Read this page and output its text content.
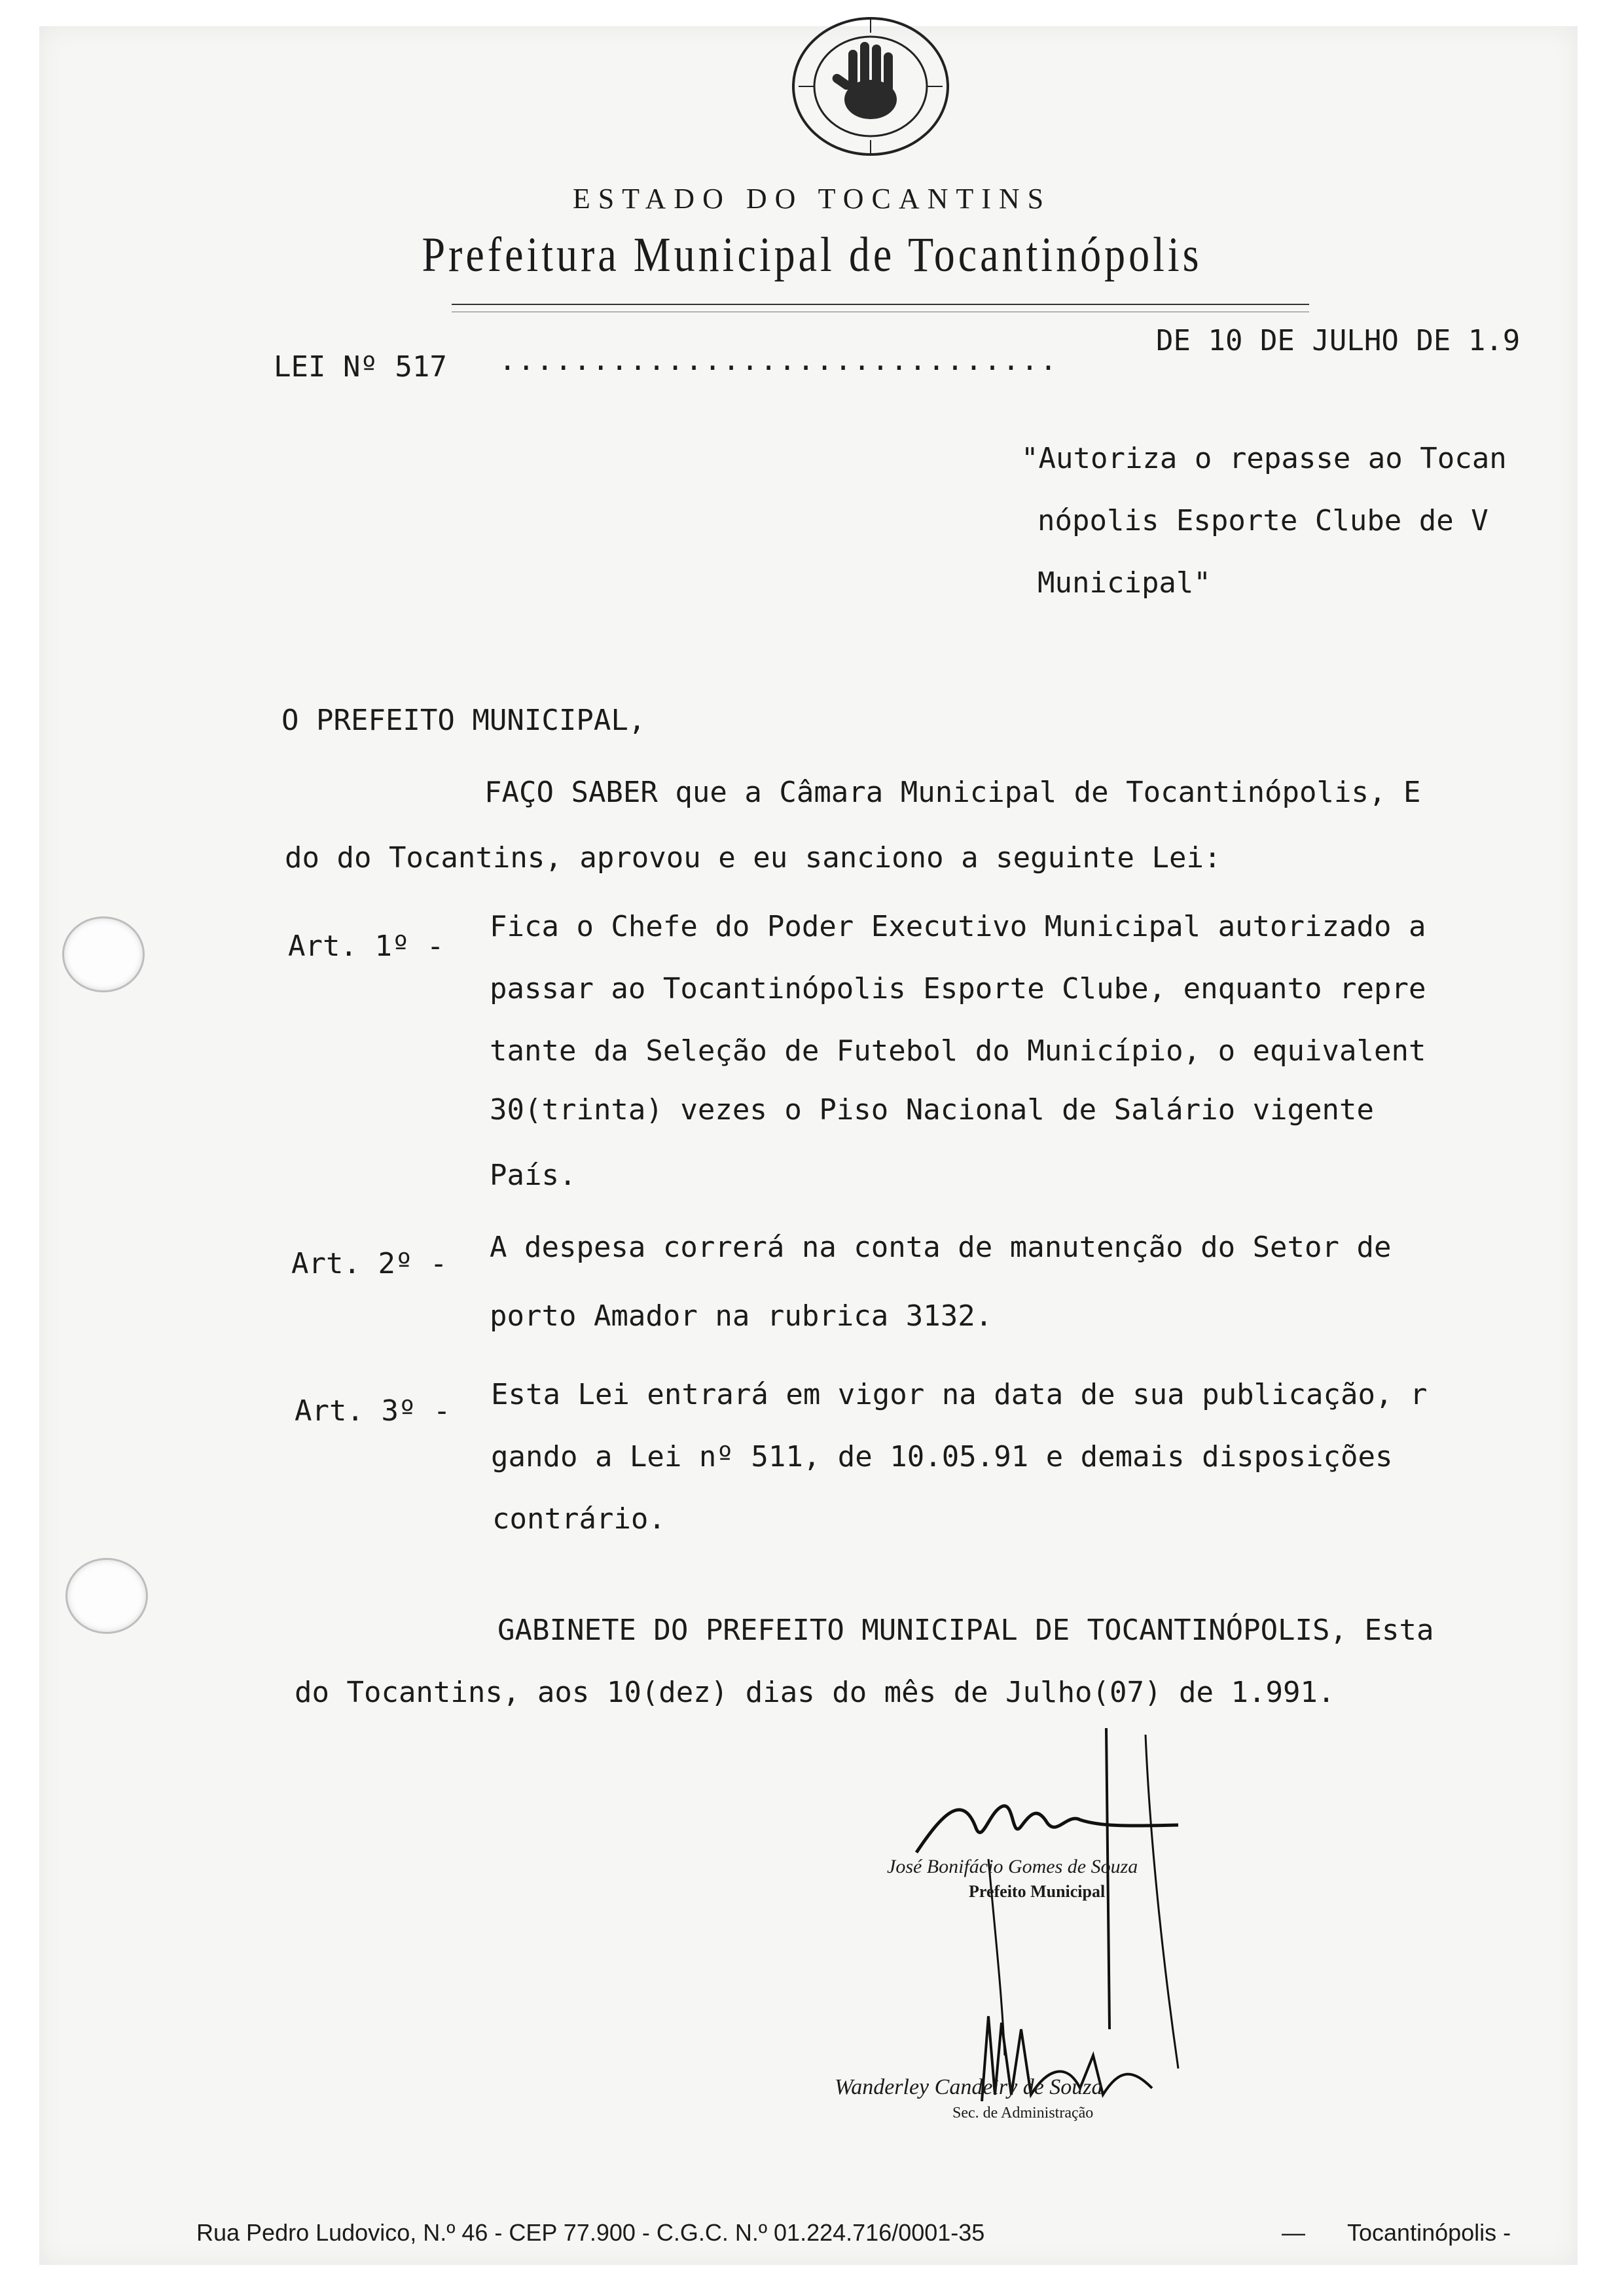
ESTADO DO TOCANTINS
Prefeitura Municipal de Tocantinópolis
LEI Nº 517 ..............................
DE 10 DE JULHO DE 1.9
"Autoriza o repasse ao Tocan
nópolis Esporte Clube de V
Municipal"
O PREFEITO MUNICIPAL,
FAÇO SABER que a Câmara Municipal de Tocantinópolis, E
do do Tocantins, aprovou e eu sanciono a seguinte Lei:
Art. 1º -
Fica o Chefe do Poder Executivo Municipal autorizado a
passar ao Tocantinópolis Esporte Clube, enquanto repre
tante da Seleção de Futebol do Município, o equivalent
30(trinta) vezes o Piso Nacional de Salário vigente
País.
Art. 2º - A despesa correrá na conta de manutenção do Setor de
porto Amador na rubrica 3132.
Art. 3º - Esta Lei entrará em vigor na data de sua publicação, r
gando a Lei nº 511, de 10.05.91 e demais disposições
contrário.
GABINETE DO PREFEITO MUNICIPAL DE TOCANTINÓPOLIS, Esta
do Tocantins, aos 10(dez) dias do mês de Julho(07) de 1.991.
José Bonifácio Gomes de Souza
Prefeito Municipal
Wanderley Candeiry de Souza
Sec. de Administração
Rua Pedro Ludovico, N.º 46 - CEP 77.900 - C.G.C. N.º 01.224.716/0001-35	— Tocantinópolis -
